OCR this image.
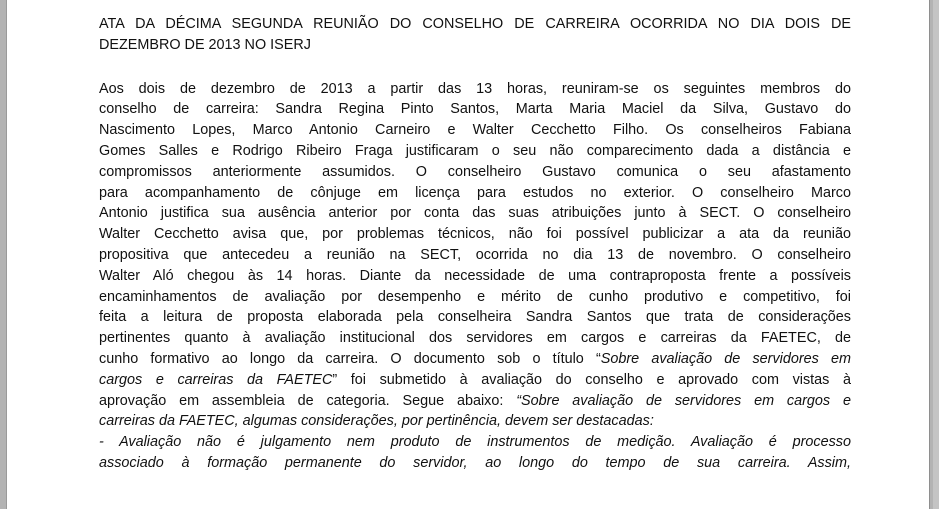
ATA DA DÉCIMA SEGUNDA REUNIÃO DO CONSELHO DE CARREIRA OCORRIDA NO DIA DOIS DE
DEZEMBRO DE 2013 NO ISERJ
Aos dois de dezembro de 2013 a partir das 13 horas, reuniram-se os seguintes membros do
conselho de carreira: Sandra Regina Pinto Santos, Marta Maria Maciel da Silva, Gustavo do
Nascimento Lopes, Marco Antonio Carneiro e Walter Cecchetto Filho. Os conselheiros Fabiana
Gomes Salles e Rodrigo Ribeiro Fraga justificaram o seu não comparecimento dada a distância e
compromissos anteriormente assumidos. O conselheiro Gustavo comunica o seu afastamento
para acompanhamento de cônjuge em licença para estudos no exterior. O conselheiro Marco
Antonio justifica sua ausência anterior por conta das suas atribuições junto à SECT. O conselheiro
Walter Cecchetto avisa que, por problemas técnicos, não foi possível publicizar a ata da reunião
propositiva que antecedeu a reunião na SECT, ocorrida no dia 13 de novembro. O conselheiro
Walter Aló chegou às 14 horas. Diante da necessidade de uma contraproposta frente a possíveis
encaminhamentos de avaliação por desempenho e mérito de cunho produtivo e competitivo, foi
feita a leitura de proposta elaborada pela conselheira Sandra Santos que trata de considerações
pertinentes quanto à avaliação institucional dos servidores em cargos e carreiras da FAETEC, de
cunho formativo ao longo da carreira. O documento sob o título “Sobre avaliação de servidores em
cargos e carreiras da FAETEC” foi submetido à avaliação do conselho e aprovado com vistas à
aprovação em assembleia de categoria. Segue abaixo: “Sobre avaliação de servidores em cargos e
carreiras da FAETEC, algumas considerações, por pertinência, devem ser destacadas:
- Avaliação não é julgamento nem produto de instrumentos de medição. Avaliação é processo
associado à formação permanente do servidor, ao longo do tempo de sua carreira. Assim,
